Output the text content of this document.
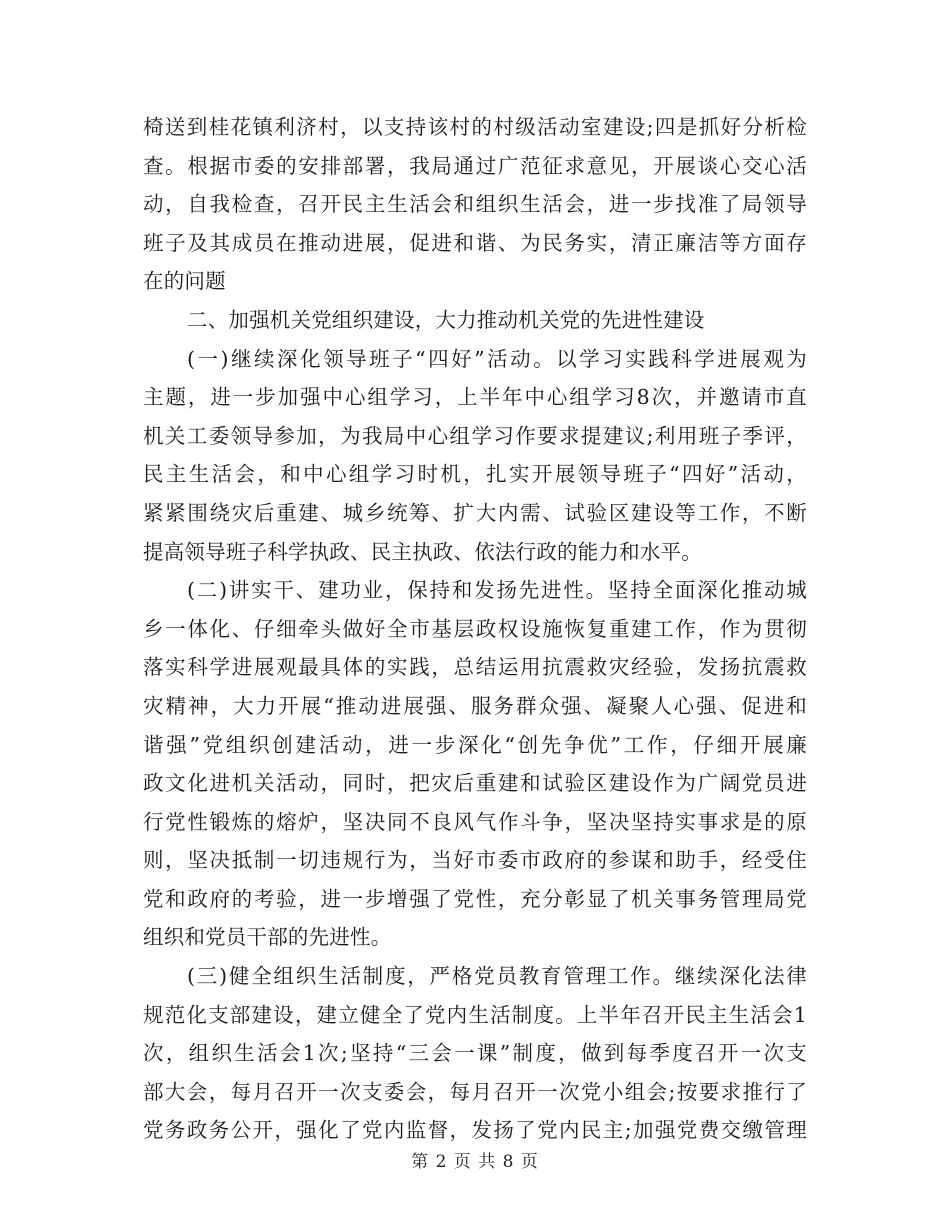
椅送到桂花镇利济村，以支持该村的村级活动室建设;四是抓好分析检
查。根据市委的安排部署，我局通过广范征求意见，开展谈心交心活
动，自我检查，召开民主生活会和组织生活会，进一步找准了局领导
班子及其成员在推动进展，促进和谐、为民务实，清正廉洁等方面存
在的问题
二、加强机关党组织建设，大力推动机关党的先进性建设
(一)继续深化领导班子“四好”活动。以学习实践科学进展观为
主题，进一步加强中心组学习，上半年中心组学习8次，并邀请市直
机关工委领导参加，为我局中心组学习作要求提建议;利用班子季评，
民主生活会，和中心组学习时机，扎实开展领导班子“四好”活动，
紧紧围绕灾后重建、城乡统筹、扩大内需、试验区建设等工作，不断
提高领导班子科学执政、民主执政、依法行政的能力和水平。
(二)讲实干、建功业，保持和发扬先进性。坚持全面深化推动城
乡一体化、仔细牵头做好全市基层政权设施恢复重建工作，作为贯彻
落实科学进展观最具体的实践，总结运用抗震救灾经验，发扬抗震救
灾精神，大力开展“推动进展强、服务群众强、凝聚人心强、促进和
谐强”党组织创建活动，进一步深化“创先争优”工作，仔细开展廉
政文化进机关活动，同时，把灾后重建和试验区建设作为广阔党员进
行党性锻炼的熔炉，坚决同不良风气作斗争，坚决坚持实事求是的原
则，坚决抵制一切违规行为，当好市委市政府的参谋和助手，经受住
党和政府的考验，进一步增强了党性，充分彰显了机关事务管理局党
组织和党员干部的先进性。
(三)健全组织生活制度，严格党员教育管理工作。继续深化法律
规范化支部建设，建立健全了党内生活制度。上半年召开民主生活会1
次，组织生活会1次;坚持“三会一课”制度，做到每季度召开一次支
部大会，每月召开一次支委会，每月召开一次党小组会;按要求推行了
党务政务公开，强化了党内监督，发扬了党内民主;加强党费交缴管理
第 2 页 共 8 页
